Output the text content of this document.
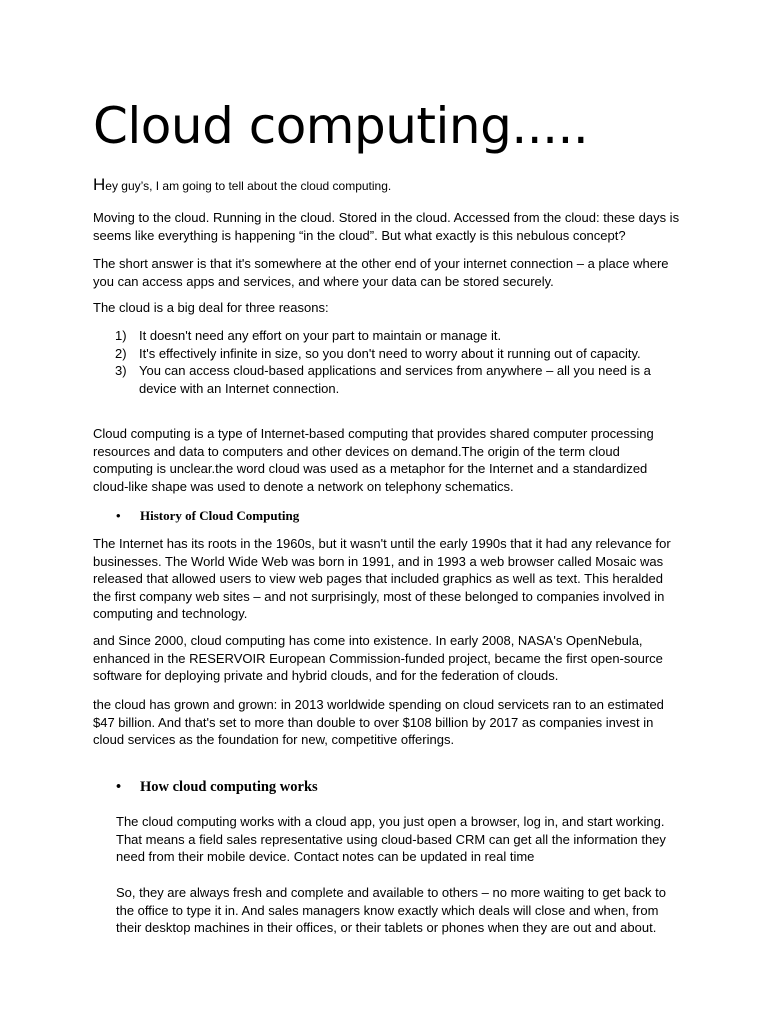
Cloud computing.....

Hey guy’s, I am going to tell about the cloud computing.

Moving to the cloud. Running in the cloud. Stored in the cloud. Accessed from the cloud: these days is seems like everything is happening “in the cloud”. But what exactly is this nebulous concept?

The short answer is that it's somewhere at the other end of your internet connection – a place where you can access apps and services, and where your data can be stored securely.

The cloud is a big deal for three reasons:

1) It doesn't need any effort on your part to maintain or manage it.
2) It's effectively infinite in size, so you don't need to worry about it running out of capacity.
3) You can access cloud-based applications and services from anywhere – all you need is a device with an Internet connection.

Cloud computing is a type of Internet-based computing that provides shared computer processing resources and data to computers and other devices on demand.The origin of the term cloud computing is unclear.the word cloud was used as a metaphor for the Internet and a standardized cloud-like shape was used to denote a network on telephony schematics.

• History of Cloud Computing

The Internet has its roots in the 1960s, but it wasn't until the early 1990s that it had any relevance for businesses. The World Wide Web was born in 1991, and in 1993 a web browser called Mosaic was released that allowed users to view web pages that included graphics as well as text. This heralded the first company web sites – and not surprisingly, most of these belonged to companies involved in computing and technology.

and Since 2000, cloud computing has come into existence. In early 2008, NASA's OpenNebula, enhanced in the RESERVOIR European Commission-funded project, became the first open-source software for deploying private and hybrid clouds, and for the federation of clouds.

the cloud has grown and grown: in 2013 worldwide spending on cloud servicets ran to an estimated $47 billion. And that's set to more than double to over $108 billion by 2017 as companies invest in cloud services as the foundation for new, competitive offerings.

• How cloud computing works

The cloud computing works with a cloud app, you just open a browser, log in, and start working. That means a field sales representative using cloud-based CRM can get all the information they need from their mobile device. Contact notes can be updated in real time

So, they are always fresh and complete and available to others – no more waiting to get back to the office to type it in. And sales managers know exactly which deals will close and when, from their desktop machines in their offices, or their tablets or phones when they are out and about.
